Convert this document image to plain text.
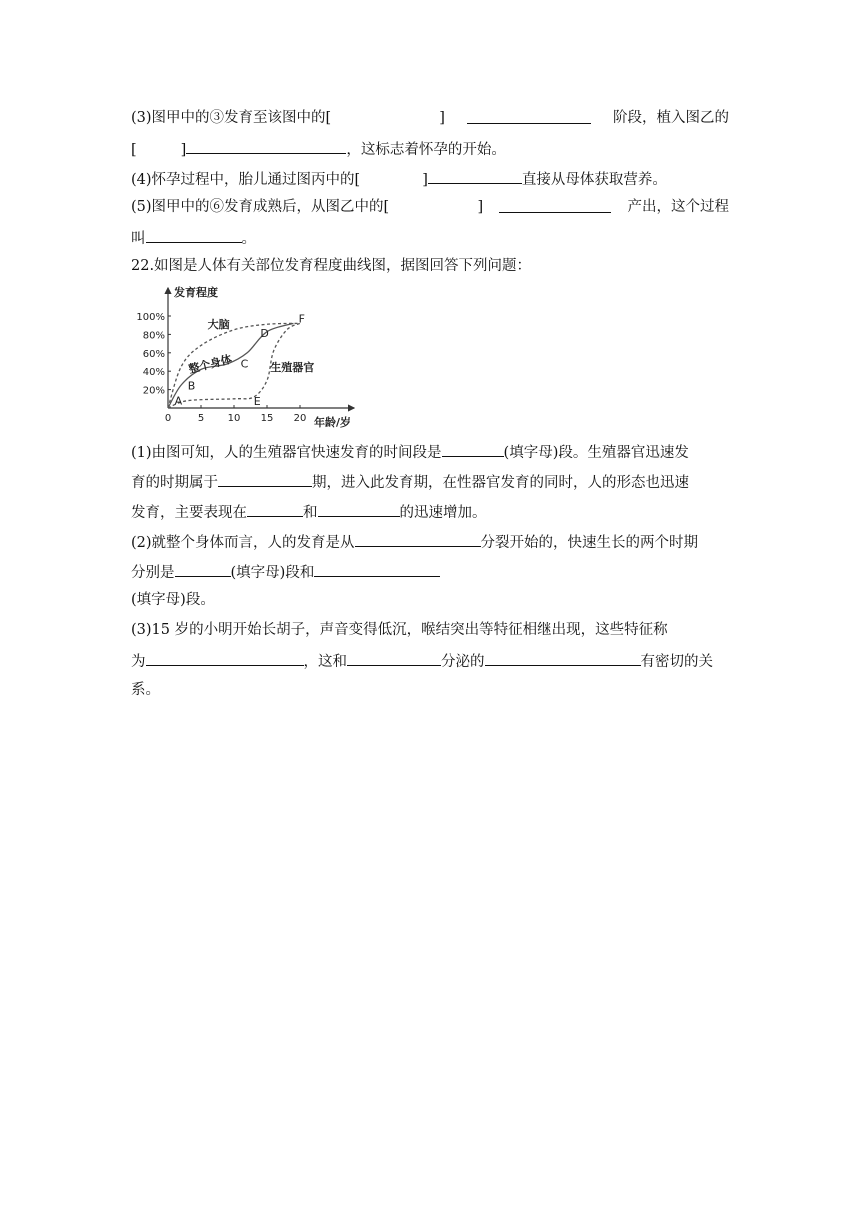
(3)图甲中的③发育至该图中的[	]	阶段，植入图乙的
[	]	，这标志着怀孕的开始。
(4)怀孕过程中，胎儿通过图丙中的[	]	直接从母体获取营养。
(5)图甲中的⑥发育成熟后，从图乙中的[	]	产出，这个过程
叫	。
22.如图是人体有关部位发育程度曲线图，据图回答下列问题：
发育程度
年龄/岁
20%
40%
60%
80%
100%
0	5 10 15 20
大脑
整个身体	生殖器官
A
B
C
D
E
F
(1)由图可知，人的生殖器官快速发育的时间段是	(填字母)段。生殖器官迅速发
育的时期属于	期，进入此发育期，在性器官发育的同时，人的形态也迅速
发育，主要表现在	和	的迅速增加。
(2)就整个身体而言，人的发育是从	分裂开始的，快速生长的两个时期
分别是	(填字母)段和
(填字母)段。
(3)15 岁的小明开始长胡子，声音变得低沉，喉结突出等特征相继出现，这些特征称
为	，这和	分泌的	有密切的关
系。
